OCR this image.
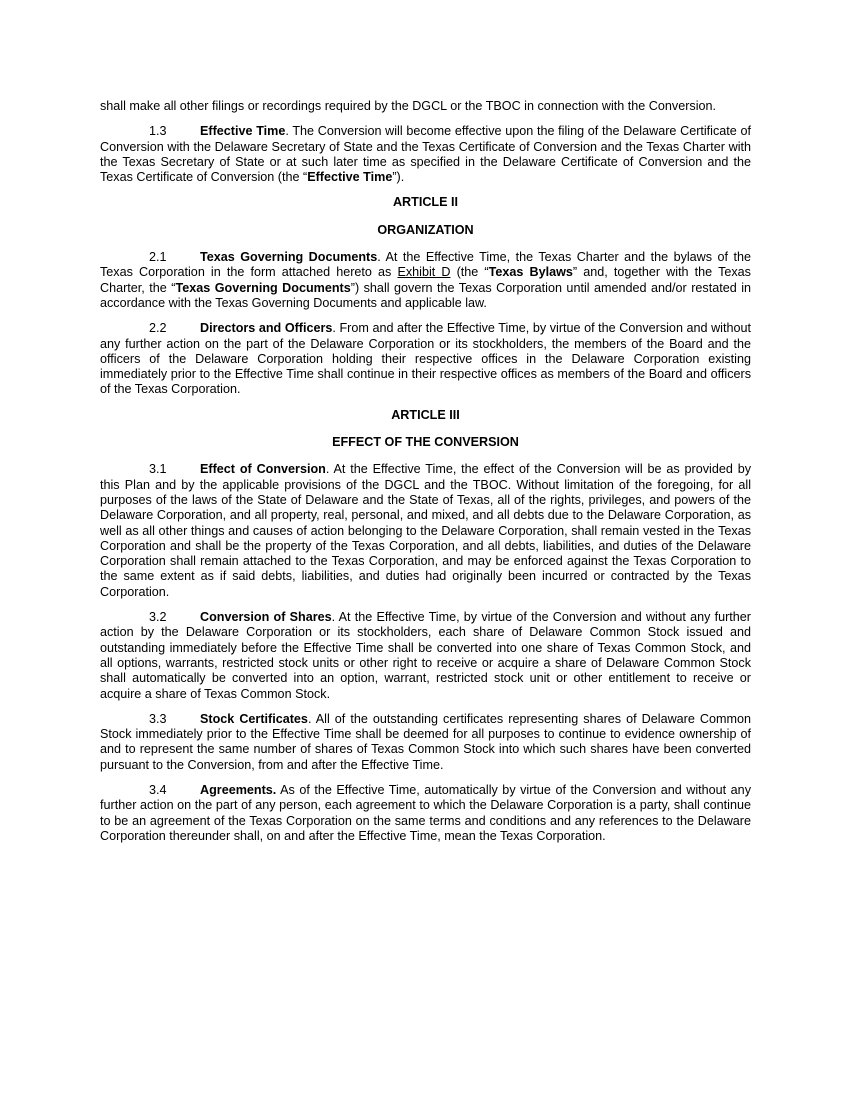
shall make all other filings or recordings required by the DGCL or the TBOC in connection with the Conversion.

1.3	Effective Time. The Conversion will become effective upon the filing of the Delaware Certificate of Conversion with the Delaware Secretary of State and the Texas Certificate of Conversion and the Texas Charter with the Texas Secretary of State or at such later time as specified in the Delaware Certificate of Conversion and the Texas Certificate of Conversion (the “Effective Time”).

ARTICLE II

ORGANIZATION

2.1	Texas Governing Documents. At the Effective Time, the Texas Charter and the bylaws of the Texas Corporation in the form attached hereto as Exhibit D (the “Texas Bylaws” and, together with the Texas Charter, the “Texas Governing Documents”) shall govern the Texas Corporation until amended and/or restated in accordance with the Texas Governing Documents and applicable law.

2.2	Directors and Officers. From and after the Effective Time, by virtue of the Conversion and without any further action on the part of the Delaware Corporation or its stockholders, the members of the Board and the officers of the Delaware Corporation holding their respective offices in the Delaware Corporation existing immediately prior to the Effective Time shall continue in their respective offices as members of the Board and officers of the Texas Corporation.

ARTICLE III

EFFECT OF THE CONVERSION

3.1	Effect of Conversion. At the Effective Time, the effect of the Conversion will be as provided by this Plan and by the applicable provisions of the DGCL and the TBOC. Without limitation of the foregoing, for all purposes of the laws of the State of Delaware and the State of Texas, all of the rights, privileges, and powers of the Delaware Corporation, and all property, real, personal, and mixed, and all debts due to the Delaware Corporation, as well as all other things and causes of action belonging to the Delaware Corporation, shall remain vested in the Texas Corporation and shall be the property of the Texas Corporation, and all debts, liabilities, and duties of the Delaware Corporation shall remain attached to the Texas Corporation, and may be enforced against the Texas Corporation to the same extent as if said debts, liabilities, and duties had originally been incurred or contracted by the Texas Corporation.

3.2	Conversion of Shares. At the Effective Time, by virtue of the Conversion and without any further action by the Delaware Corporation or its stockholders, each share of Delaware Common Stock issued and outstanding immediately before the Effective Time shall be converted into one share of Texas Common Stock, and all options, warrants, restricted stock units or other right to receive or acquire a share of Delaware Common Stock shall automatically be converted into an option, warrant, restricted stock unit or other entitlement to receive or acquire a share of Texas Common Stock.

3.3	Stock Certificates. All of the outstanding certificates representing shares of Delaware Common Stock immediately prior to the Effective Time shall be deemed for all purposes to continue to evidence ownership of and to represent the same number of shares of Texas Common Stock into which such shares have been converted pursuant to the Conversion, from and after the Effective Time.

3.4	Agreements. As of the Effective Time, automatically by virtue of the Conversion and without any further action on the part of any person, each agreement to which the Delaware Corporation is a party, shall continue to be an agreement of the Texas Corporation on the same terms and conditions and any references to the Delaware Corporation thereunder shall, on and after the Effective Time, mean the Texas Corporation.
